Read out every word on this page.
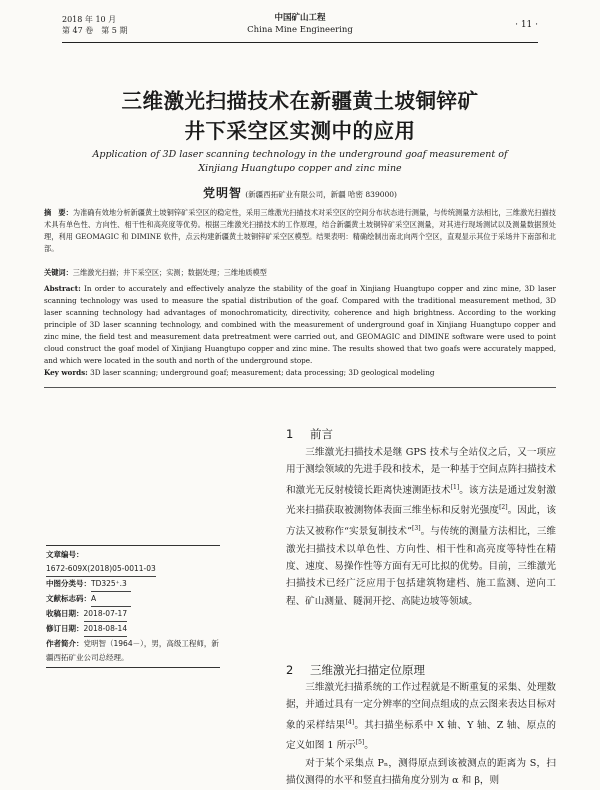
2018 年 10 月
第 47 卷　第 5 期
中国矿山工程
China Mine Engineering	· 11 ·
三维激光扫描技术在新疆黄土坡铜锌矿
井下采空区实测中的应用
Application of 3D laser scanning technology in the underground goaf measurement of
Xinjiang Huangtupo copper and zinc mine
党明智 (新疆西拓矿业有限公司，新疆 哈密 839000)
摘　要：为准确有效地分析新疆黄土坡铜锌矿采空区的稳定性，采用三维激光扫描技术对采空区的空间分布状态进行测量，与传统测量方法相比，三维激光扫描技术具有单色性、方向性、相干性和高亮度等优势。根据三维激光扫描技术的工作原理，结合新疆黄土坡铜锌矿采空区测量，对其进行现场测试以及测量数据预处理，利用 GEOMAGIC 和 DIMINE 软件，点云构建新疆黄土坡铜锌矿采空区模型。结果表明：精确绘制出南北向两个空区，直观显示其位于采场井下南部和北部。
关键词：三维激光扫描；井下采空区；实测；数据处理；三维地质模型
Abstract: In order to accurately and effectively analyze the stability of the goaf in Xinjiang Huangtupo copper and zinc mine, 3D laser scanning technology was used to measure the spatial distribution of the goaf. Compared with the traditional measurement method, 3D laser scanning technology had advantages of monochromaticity, directivity, coherence and high brightness. According to the working principle of 3D laser scanning technology, and combined with the measurement of underground goaf in Xinjiang Huangtupo copper and zinc mine, the field test and measurement data pretreatment were carried out, and GEOMAGIC and DIMINE software were used to point cloud construct the goaf model of Xinjiang Huangtupo copper and zinc mine. The results showed that two goafs were accurately mapped, and which were located in the south and north of the underground stope.
Key words: 3D laser scanning; underground goaf; measurement; data processing; 3D geological modeling
文章编号：
1672-609X(2018)05-0011-03
中图分类号：TD325⁺.3
文献标志码：A
收稿日期：2018-07-17
修订日期：2018-08-14
作者简介：党明智（1964－），男，高级工程师，新疆西拓矿业公司总经理。
1 前言

三维激光扫描技术是继 GPS 技术与全站仪之后，又一项应用于测绘领域的先进手段和技术，是一种基于空间点阵扫描技术和激光无反射棱镜长距离快速测距技术[1]。该方法是通过发射激光来扫描获取被测物体表面三维坐标和反射光强度[2]。因此，该方法又被称作“实景复制技术”[3]。与传统的测量方法相比，三维激光扫描技术以单色性、方向性、相干性和高亮度等特性在精度、速度、易操作性等方面有无可比拟的优势。目前，三维激光扫描技术已经广泛应用于包括建筑物建档、施工监测、逆向工程、矿山测量、隧洞开挖、高陡边坡等领域。

2 三维激光扫描定位原理

三维激光扫描系统的工作过程就是不断重复的采集、处理数据，并通过具有一定分辨率的空间点组成的点云图来表达目标对象的采样结果[4]。其扫描坐标系中 X 轴、Y 轴、Z 轴、原点的定义如图 1 所示[5]。

对于某个采集点 Pₙ，测得原点到该被测点的距离为 S，扫描仪测得的水平和竖直扫描角度分别为 α 和 β，则
